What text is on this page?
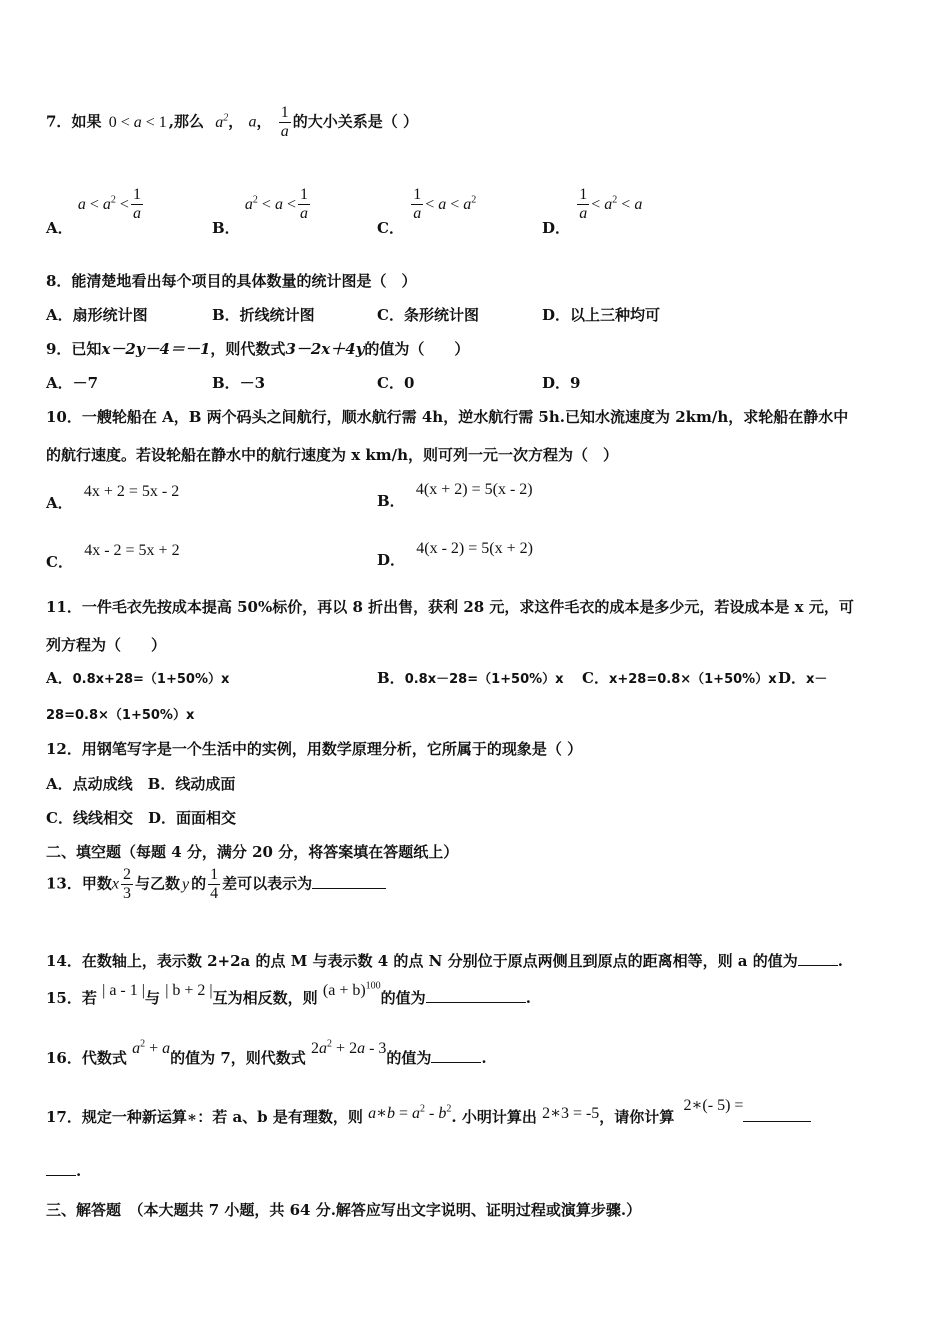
7．如果 0 < a < 1 ,那么 $a^2$， a， $\frac{1}{a}$ 的大小关系是（ ）
A． $a < a^2 < \frac{1}{a}$
B． $a^2 < a < \frac{1}{a}$
C．
$\frac{1}{a} < a < a^2$
D．
$\frac{1}{a} < a^2 < a$
8．能清楚地看出每个项目的具体数量的统计图是（　）
A．扇形统计图	B．折线统计图	C．条形统计图	D．以上三种均可
9．已知x－2y－4＝－1，则代数式3－2x＋4y的值为（　　）
A．－7	B．－3	C．0	D．9
10．一艘轮船在 A，B 两个码头之间航行，顺水航行需 4h，逆水航行需 5h.已知水流速度为 2km/h，求轮船在静水中
的航行速度。若设轮船在静水中的航行速度为 x km/h，则可列一元一次方程为（　）
A． 4x + 2 = 5x - 2
B． 4(x + 2) = 5(x - 2)
C． 4x - 2 = 5x + 2
D． 4(x - 2) = 5(x + 2)
11．一件毛衣先按成本提高 50%标价，再以 8 折出售，获利 28 元，求这件毛衣的成本是多少元，若设成本是 x 元，可
列方程为（　　）
A．0.8x+28=（1+50%）x	B．0.8x－28=（1+50%）x C．x+28=0.8×（1+50%）x D．x－
28=0.8×（1+50%）x
12．用钢笔写字是一个生活中的实例，用数学原理分析，它所属于的现象是（ ）
A．点动成线　B．线动成面
C．线线相交　D．面面相交
二、填空题（每题 4 分，满分 20 分，将答案填在答题纸上）
13．甲数x $\frac{2}{3}$ 与乙数 y 的 $\frac{1}{4}$ 差可以表示为
14．在数轴上，表示数 2+2a 的点 M 与表示数 4 的点 N 分别位于原点两侧且到原点的距离相等，则 a 的值为	.
15．若 | a - 1 |与 | b + 2 |互为相反数，则 $(a + b)^{100}$的值为	.
16．代数式 $a^2 + a$的值为 7，则代数式 $2a^2 + 2a - 3$的值为	.
17．规定一种新运算∗：若 a、b 是有理数，则 a∗b = $a^2 - b^2$. 小明计算出 2∗3 = -5，请你计算 2∗(- 5) =
.
三、解答题　（本大题共 7 小题，共 64 分.解答应写出文字说明、证明过程或演算步骤.）
